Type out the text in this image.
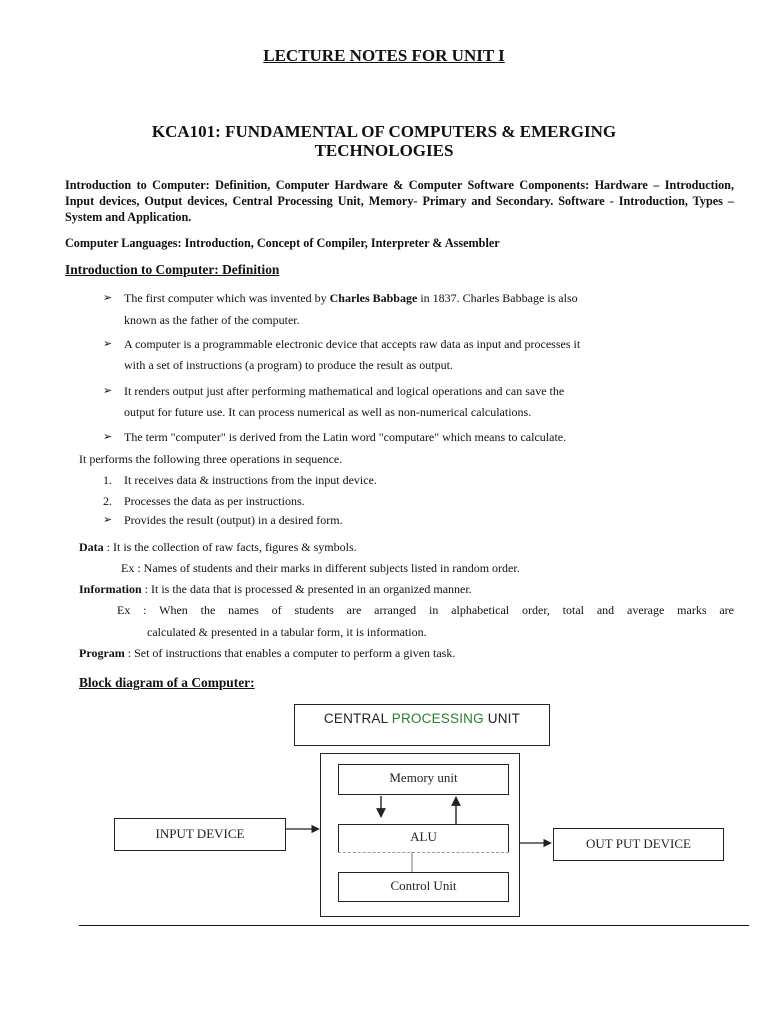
LECTURE NOTES FOR UNIT I
KCA101: FUNDAMENTAL OF COMPUTERS & EMERGING
TECHNOLOGIES
Introduction to Computer: Definition, Computer Hardware & Computer Software Components: Hardware – Introduction, Input devices, Output devices, Central Processing Unit, Memory- Primary and Secondary. Software - Introduction, Types – System and Application.
Computer Languages: Introduction, Concept of Compiler, Interpreter & Assembler
Introduction to Computer: Definition
➢ The first computer which was invented by Charles Babbage in 1837. Charles Babbage is also
known as the father of the computer.
➢ A computer is a programmable electronic device that accepts raw data as input and processes it
with a set of instructions (a program) to produce the result as output.
➢ It renders output just after performing mathematical and logical operations and can save the
output for future use. It can process numerical as well as non-numerical calculations.
➢ The term "computer" is derived from the Latin word "computare" which means to calculate.
It performs the following three operations in sequence.
1. It receives data & instructions from the input device.
2. Processes the data as per instructions.
➢ Provides the result (output) in a desired form.
Data : It is the collection of raw facts, figures & symbols.
Ex : Names of students and their marks in different subjects listed in random order.
Information : It is the data that is processed & presented in an organized manner.
Ex : When the names of students are arranged in alphabetical order, total and average marks are
calculated & presented in a tabular form, it is information.
Program : Set of instructions that enables a computer to perform a given task.
Block diagram of a Computer:
CENTRAL PROCESSING UNIT
Memory unit
ALU
Control Unit
INPUT DEVICE
OUT PUT DEVICE
